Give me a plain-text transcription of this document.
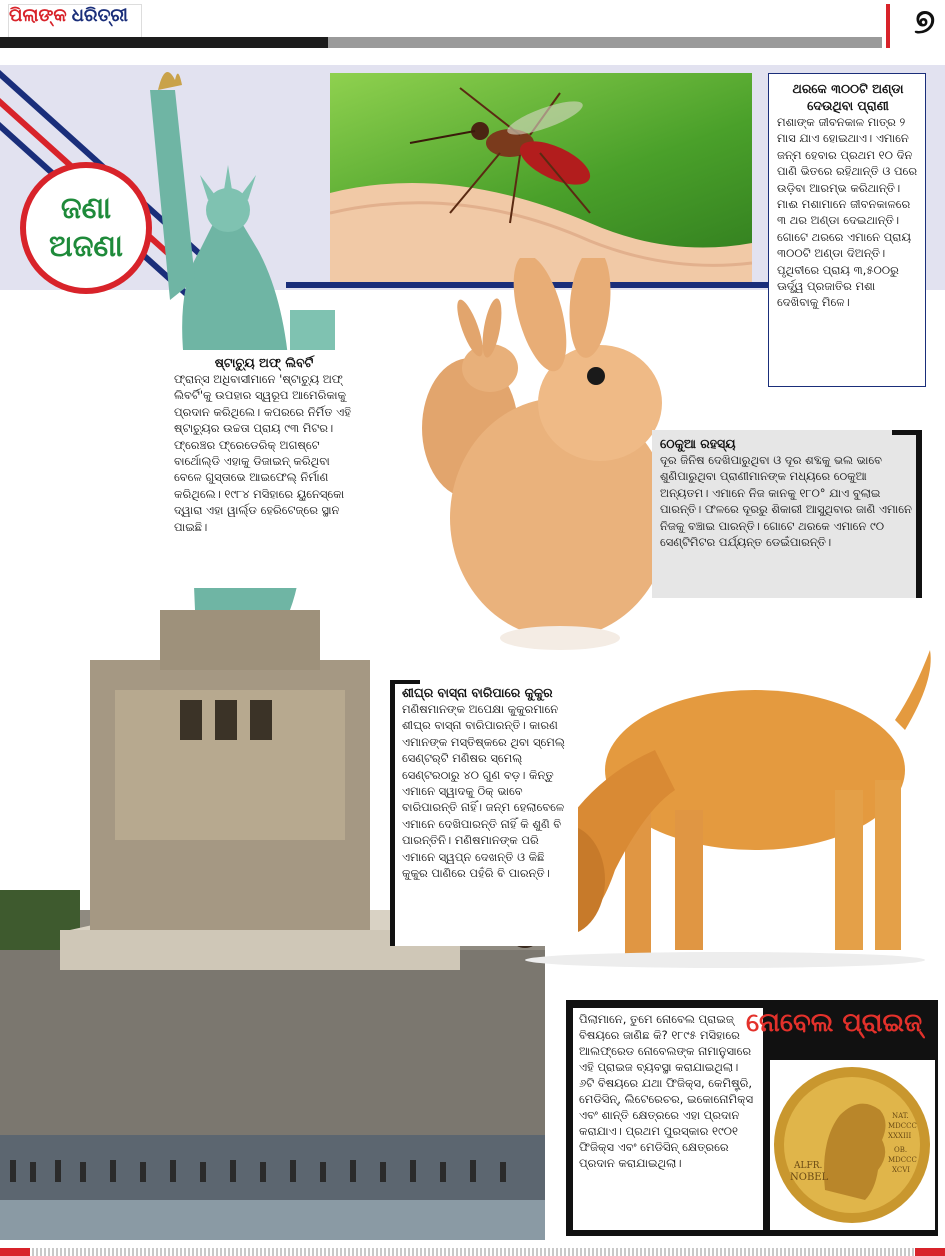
ପିଲାଙ୍କ ଧରିତ୍ରୀ	୭
ଜଣା
ଅଜଣା
ଥରକେ ୩୦୦ଟି ଅଣ୍ଡା
ଦେଉଥିବା ପ୍ରାଣୀ

ମଶାଙ୍କ ଜୀବନକାଳ ମାତ୍ର ୨ ମାସ ଯାଏ ହୋଇଥାଏ। ଏମାନେ ଜନ୍ମ ହେବାର ପ୍ରଥମ ୧୦ ଦିନ ପାଣି ଭିତରେ ରହିଥାନ୍ତି ଓ ପରେ ଉଡ଼ିବା ଆରମ୍ଭ କରିଥାନ୍ତି। ମାଈ ମଶାମାନେ ଜୀବନକାଳରେ ୩ ଥର ଅଣ୍ଡା ଦେଇଥାନ୍ତି। ଗୋଟେ ଥରରେ ଏମାନେ ପ୍ରାୟ ୩୦୦ଟି ଅଣ୍ଡା ଦିଅନ୍ତି। ପୃଥିବୀରେ ପ୍ରାୟ ୩,୫୦୦ରୁ ଊର୍ଦ୍ଧ୍ୱ ପ୍ରଜାତିର ମଶା ଦେଖିବାକୁ ମିଳେ।

ଷ୍ଟାଚ୍ୟୁ ଅଫ୍ ଲିବର୍ଟି

ଫ୍ରାନ୍ସ ଅଧିବାସୀମାନେ 'ଷ୍ଟାଚ୍ୟୁ ଅଫ୍ ଲିବର୍ଟି'କୁ ଉପହାର ସ୍ୱରୂପ ଆମେରିକାକୁ ପ୍ରଦାନ କରିଥିଲେ। କପରରେ ନିର୍ମିତ ଏହି ଷ୍ଟାଚ୍ୟୁର ଉଚ୍ଚତା ପ୍ରାୟ ୯୩ ମିଟର। ଫ୍ରେଞ୍ଚର ଫ୍ରେଡେରିକ୍ ଅଗଷ୍ଟେ ବାର୍ଥୋଲ୍ଡି ଏହାକୁ ଡିଜାଇନ୍ କରିଥିବା ବେଳେ ଗୁସ୍ତାଭେ ଆଇଫେଲ୍ ନିର୍ମାଣ କରିଥିଲେ। ୧୯୮୪ ମସିହାରେ ୟୁନେସ୍କୋ ଦ୍ୱାରା ଏହା ୱାର୍ଲ୍ଡ ହେରିଟେଜ୍‌ରେ ସ୍ଥାନ ପାଇଛି।

ଠେକୁଆ ରହସ୍ୟ

ଦୂର ଜିନିଷ ଦେଖିପାରୁଥିବା ଓ ଦୂର ଶବ୍ଦକୁ ଭଲ ଭାବେ ଶୁଣିପାରୁଥିବା ପ୍ରାଣୀମାନଙ୍କ ମଧ୍ୟରେ ଠେକୁଆ ଅନ୍ୟତମ। ଏମାନେ ନିଜ କାନକୁ ୧୮୦° ଯାଏ ବୁଲାଇ ପାରନ୍ତି। ଫଳରେ ଦୂରରୁ ଶିକାରୀ ଆସୁଥିବାର ଜାଣି ଏମାନେ ନିଜକୁ ବଞ୍ଚାଇ ପାରନ୍ତି। ଗୋଟେ ଥରକେ ଏମାନେ ୯୦ ସେଣ୍ଟିମିଟର ପର୍ଯ୍ୟନ୍ତ ଡେଇଁପାରନ୍ତି।

ଶୀଘ୍ର ବାସ୍ନା ବାରିପାରେ କୁକୁର

ମଣିଷମାନଙ୍କ ଅପେକ୍ଷା କୁକୁରମାନେ ଶୀଘ୍ର ବାସ୍ନା ବାରିପାରନ୍ତି। କାରଣ ଏମାନଙ୍କ ମସ୍ତିଷ୍କରେ ଥିବା ସ୍ମେଲ୍ ସେଣ୍ଟର୍‌ଟି ମଣିଷର ସ୍ମେଲ୍ ସେଣ୍ଟରଠାରୁ ୪୦ ଗୁଣ ବଡ଼। କିନ୍ତୁ ଏମାନେ ସ୍ୱାଦକୁ ଠିକ୍ ଭାବେ ବାରିପାରନ୍ତି ନାହିଁ। ଜନ୍ମ ହେଲାବେଳେ ଏମାନେ ଦେଖିପାରନ୍ତି ନାହିଁ କି ଶୁଣି ବି ପାରନ୍ତିନି। ମଣିଷମାନଙ୍କ ପରି ଏମାନେ ସ୍ୱପ୍ନ ଦେଖନ୍ତି ଓ କିଛି କୁକୁର ପାଣିରେ ପହଁରି ବି ପାରନ୍ତି।

ପିଲାମାନେ, ତୁମେ ନୋବେଲ ପ୍ରାଇଜ୍ ବିଷୟରେ ଜାଣିଛ କି? ୧୮୯୫ ମସିହାରେ ଆଲଫ୍ରେଡ ନୋବେଲଙ୍କ ନାମାନୁସାରେ ଏହି ପ୍ରାଇଜ ବ୍ୟବସ୍ଥା କରାଯାଇଥିଲା। ୬ଟି ବିଷୟରେ ଯଥା ଫିଜିକ୍ସ, କେମିଷ୍ଟ୍ରି, ମେଡିସିନ୍, ଲିଟେରେଚର, ଇକୋନୋମିକ୍ସ ଏବଂ ଶାନ୍ତି କ୍ଷେତ୍ରରେ ଏହା ପ୍ରଦାନ କରାଯାଏ। ପ୍ରଥମ ପୁରସ୍କାର ୧୯୦୧ ଫିଜିକ୍ସ ଏବଂ ମେଡିସିନ୍ କ୍ଷେତ୍ରରେ ପ୍ରଦାନ କରାଯାଇଥିଲା।
ନୋବେଲ ପ୍ରାଇଜ୍
ALFR.
NOBEL
NAT.
MDCCC
XXXIII
OB.
MDCCC
XCVI
